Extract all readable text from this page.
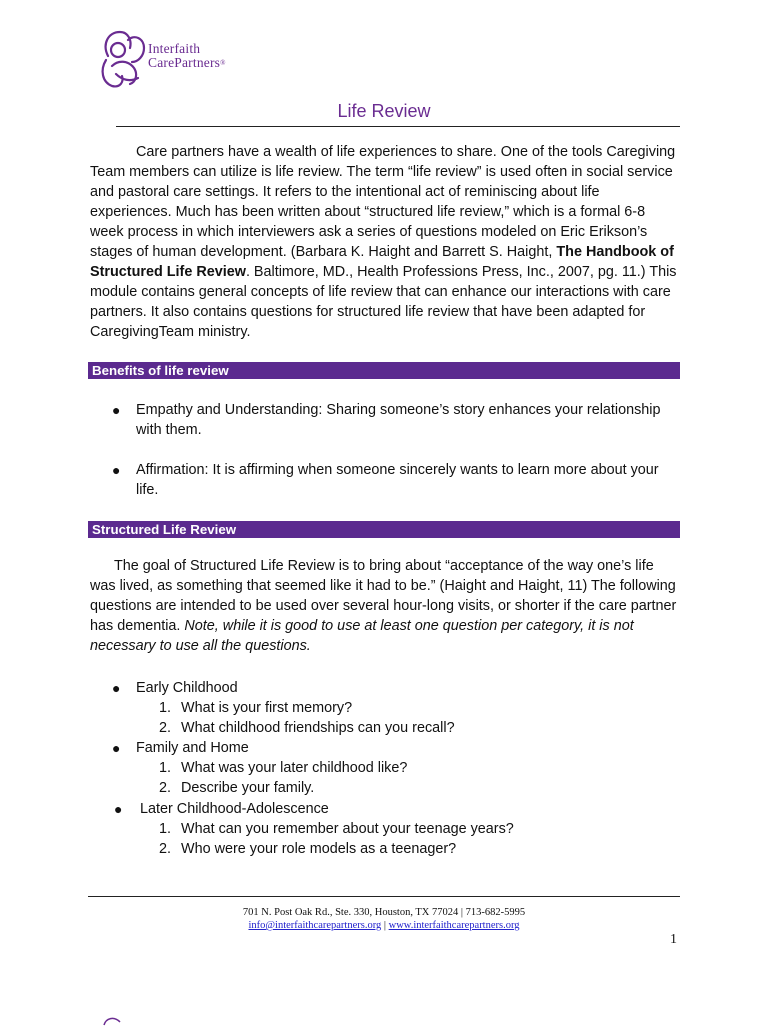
Interfaith
CarePartners®
Life Review

Care partners have a wealth of life experiences to share. One of the tools Caregiving Team members can utilize is life review. The term “life review” is used often in social service and pastoral care settings. It refers to the intentional act of reminiscing about life experiences. Much has been written about “structured life review,” which is a formal 6-8 week process in which interviewers ask a series of questions modeled on Eric Erikson’s stages of human development. (Barbara K. Haight and Barrett S. Haight, The Handbook of Structured Life Review. Baltimore, MD., Health Professions Press, Inc., 2007, pg. 11.) This module contains general concepts of life review that can enhance our interactions with care partners. It also contains questions for structured life review that have been adapted for CaregivingTeam ministry.

Benefits of life review
● Empathy and Understanding: Sharing someone’s story enhances your relationship with them.

● Affirmation: It is affirming when someone sincerely wants to learn more about your life.

Structured Life Review

The goal of Structured Life Review is to bring about “acceptance of the way one’s life was lived, as something that seemed like it had to be.” (Haight and Haight, 11) The following questions are intended to be used over several hour-long visits, or shorter if the care partner has dementia. Note, while it is good to use at least one question per category, it is not necessary to use all the questions.

● Early Childhood
1. What is your first memory?
2. What childhood friendships can you recall?
● Family and Home
1. What was your later childhood like?
2. Describe your family.
● Later Childhood-Adolescence
1. What can you remember about your teenage years?
2. Who were your role models as a teenager?
701 N. Post Oak Rd., Ste. 330, Houston, TX 77024 | 713-682-5995
info@interfaithcarepartners.org | www.interfaithcarepartners.org
1
